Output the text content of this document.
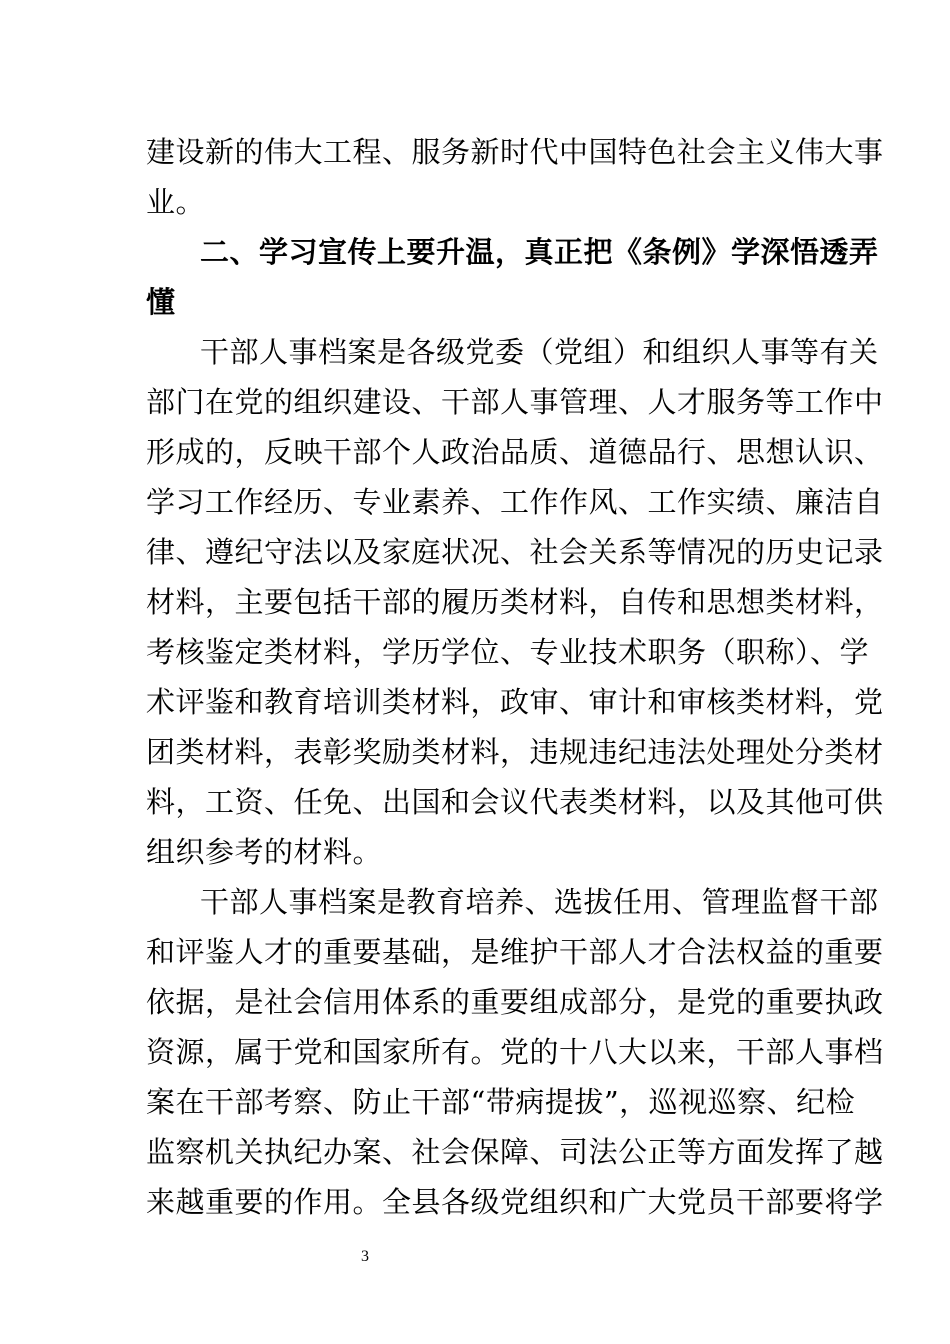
建设新的伟大工程、服务新时代中国特色社会主义伟大事
业。
二、学习宣传上要升温，真正把《条例》学深悟透弄
懂
干部人事档案是各级党委（党组）和组织人事等有关
部门在党的组织建设、干部人事管理、人才服务等工作中
形成的，反映干部个人政治品质、道德品行、思想认识、
学习工作经历、专业素养、工作作风、工作实绩、廉洁自
律、遵纪守法以及家庭状况、社会关系等情况的历史记录
材料，主要包括干部的履历类材料，自传和思想类材料，
考核鉴定类材料，学历学位、专业技术职务（职称）、学
术评鉴和教育培训类材料，政审、审计和审核类材料，党
团类材料，表彰奖励类材料，违规违纪违法处理处分类材
料，工资、任免、出国和会议代表类材料，以及其他可供
组织参考的材料。
干部人事档案是教育培养、选拔任用、管理监督干部
和评鉴人才的重要基础，是维护干部人才合法权益的重要
依据，是社会信用体系的重要组成部分，是党的重要执政
资源，属于党和国家所有。党的十八大以来，干部人事档
案在干部考察、防止干部“带病提拔”，巡视巡察、纪检
监察机关执纪办案、社会保障、司法公正等方面发挥了越
来越重要的作用。全县各级党组织和广大党员干部要将学
3
